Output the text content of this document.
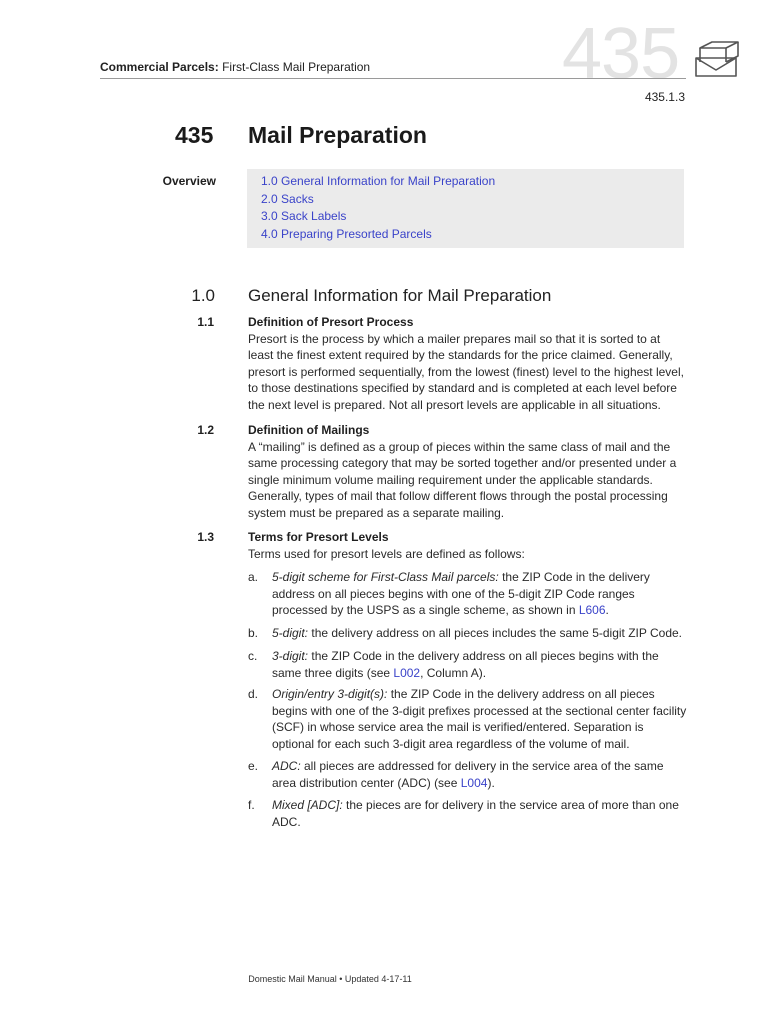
435
Commercial Parcels: First-Class Mail Preparation
435.1.3
435 Mail Preparation
Overview	1.0 General Information for Mail Preparation
2.0 Sacks
3.0 Sack Labels
4.0 Preparing Presorted Parcels
1.0 General Information for Mail Preparation
1.1	Definition of Presort Process
Presort is the process by which a mailer prepares mail so that it is sorted to at least the finest extent required by the standards for the price claimed. Generally, presort is performed sequentially, from the lowest (finest) level to the highest level, to those destinations specified by standard and is completed at each level before the next level is prepared. Not all presort levels are applicable in all situations.
1.2	Definition of Mailings
A “mailing” is defined as a group of pieces within the same class of mail and the same processing category that may be sorted together and/or presented under a single minimum volume mailing requirement under the applicable standards. Generally, types of mail that follow different flows through the postal processing system must be prepared as a separate mailing.
1.3	Terms for Presort Levels
Terms used for presort levels are defined as follows:
a. 5-digit scheme for First-Class Mail parcels: the ZIP Code in the delivery address on all pieces begins with one of the 5-digit ZIP Code ranges processed by the USPS as a single scheme, as shown in L606.
b. 5-digit: the delivery address on all pieces includes the same 5-digit ZIP Code.
c. 3-digit: the ZIP Code in the delivery address on all pieces begins with the same three digits (see L002, Column A).
d. Origin/entry 3-digit(s): the ZIP Code in the delivery address on all pieces begins with one of the 3-digit prefixes processed at the sectional center facility (SCF) in whose service area the mail is verified/entered. Separation is optional for each such 3-digit area regardless of the volume of mail.
e. ADC: all pieces are addressed for delivery in the service area of the same area distribution center (ADC) (see L004).
f. Mixed [ADC]: the pieces are for delivery in the service area of more than one ADC.
Domestic Mail Manual • Updated 4-17-11
